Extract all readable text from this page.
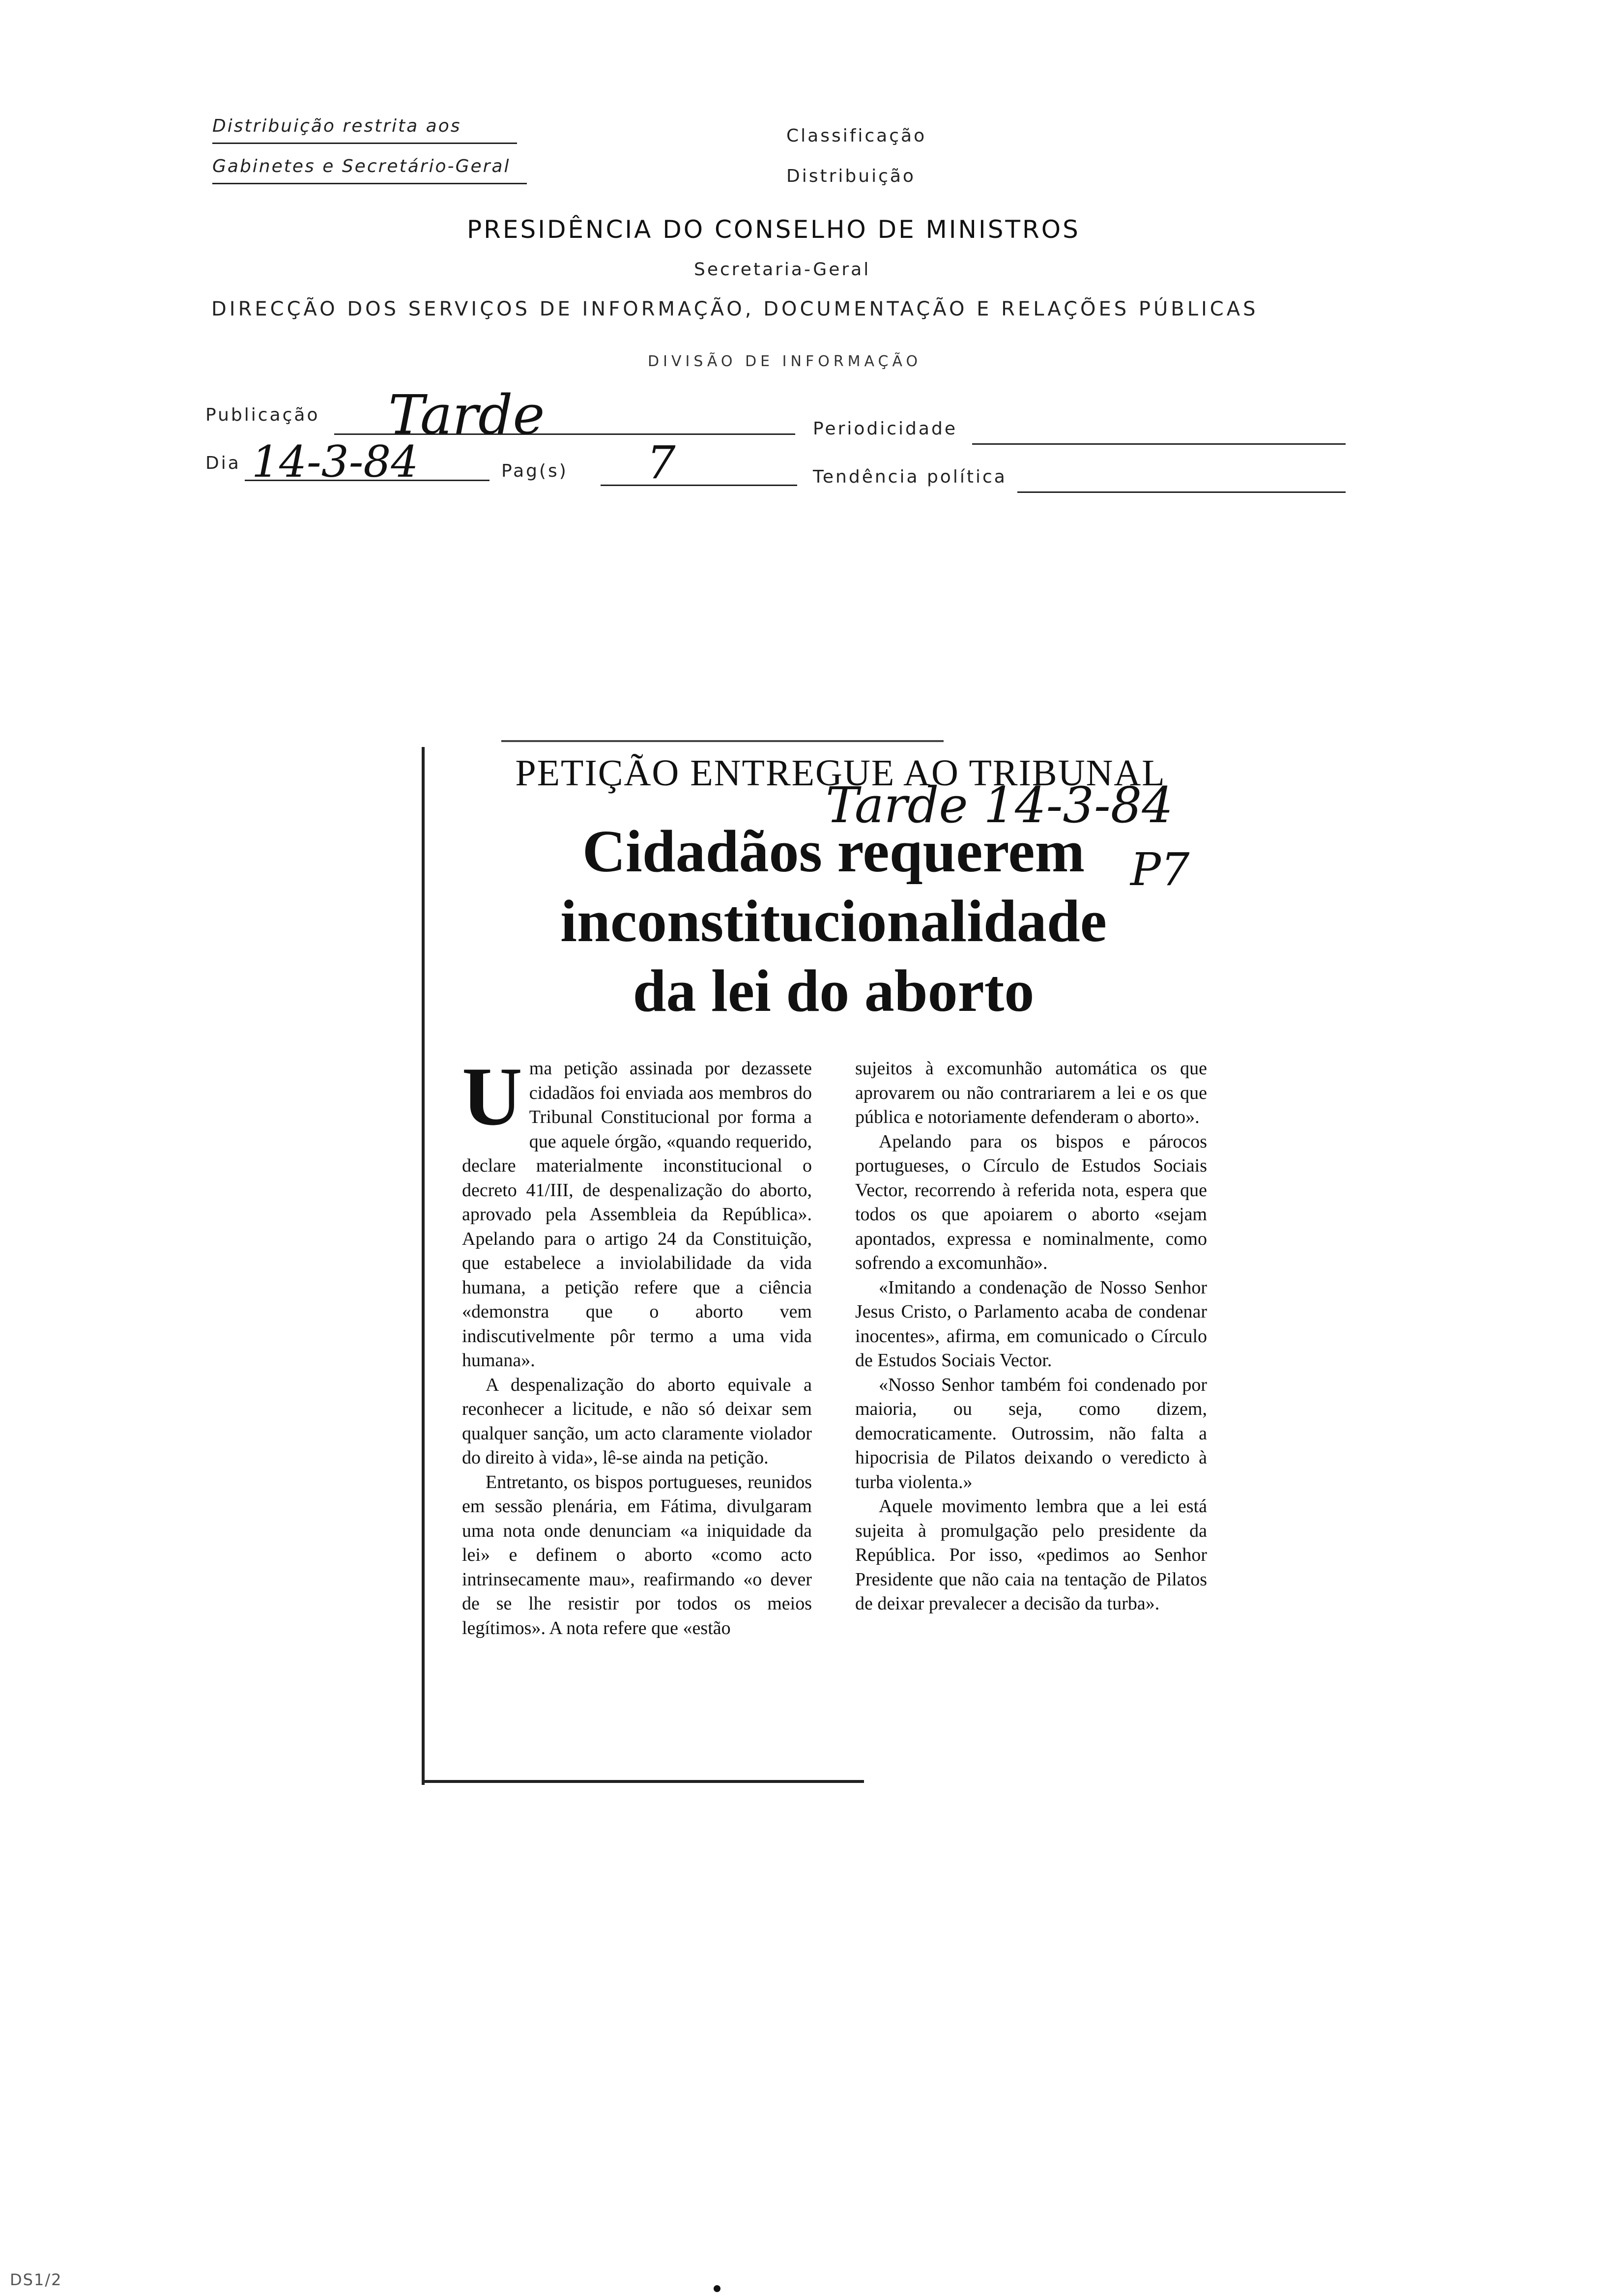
Distribuição restrita aos
Gabinetes e Secretário-Geral
Classificação
Distribuição
PRESIDÊNCIA DO CONSELHO DE MINISTROS
Secretaria-Geral
DIRECÇÃO DOS SERVIÇOS DE INFORMAÇÃO, DOCUMENTAÇÃO E RELAÇÕES PÚBLICAS
DIVISÃO DE INFORMAÇÃO
Publicação Tarde	Periodicidade
Dia 14-3-84	Pag(s) 7	Tendência política
PETIÇÃO ENTREGUE AO TRIBUNAL
Tarde 14-3-84
P7
Cidadãos requerem
inconstitucionalidade
da lei do aborto
U ma petição assinada por dezassete cidadãos foi enviada aos membros do Tribunal Constitucional por forma a que aquele órgão, «quando requerido, declare materialmente inconstitucional o decreto 41/III, de despenalização do aborto, aprovado pela Assembleia da República». Apelando para o artigo 24 da Constituição, que estabelece a inviolabilidade da vida humana, a petição refere que a ciência «demonstra que o aborto vem indiscutivelmente pôr termo a uma vida humana».

A despenalização do aborto equivale a reconhecer a licitude, e não só deixar sem qualquer sanção, um acto claramente violador do direito à vida», lê-se ainda na petição.

Entretanto, os bispos portugueses, reunidos em sessão plenária, em Fátima, divulgaram uma nota onde denunciam «a iniquidade da lei» e definem o aborto «como acto intrinsecamente mau», reafirmando «o dever de se lhe resistir por todos os meios legítimos». A nota refere que «estão

sujeitos à excomunhão automática os que aprovarem ou não contrariarem a lei e os que pública e notoriamente defenderam o aborto».

Apelando para os bispos e párocos portugueses, o Círculo de Estudos Sociais Vector, recorrendo à referida nota, espera que todos os que apoiarem o aborto «sejam apontados, expressa e nominalmente, como sofrendo a excomunhão».

«Imitando a condenação de Nosso Senhor Jesus Cristo, o Parlamento acaba de condenar inocentes», afirma, em comunicado o Círculo de Estudos Sociais Vector.

«Nosso Senhor também foi condenado por maioria, ou seja, como dizem, democraticamente. Outrossim, não falta a hipocrisia de Pilatos deixando o veredicto à turba violenta.»

Aquele movimento lembra que a lei está sujeita à promulgação pelo presidente da República. Por isso, «pedimos ao Senhor Presidente que não caia na tentação de Pilatos de deixar prevalecer a decisão da turba».

DS1/2
